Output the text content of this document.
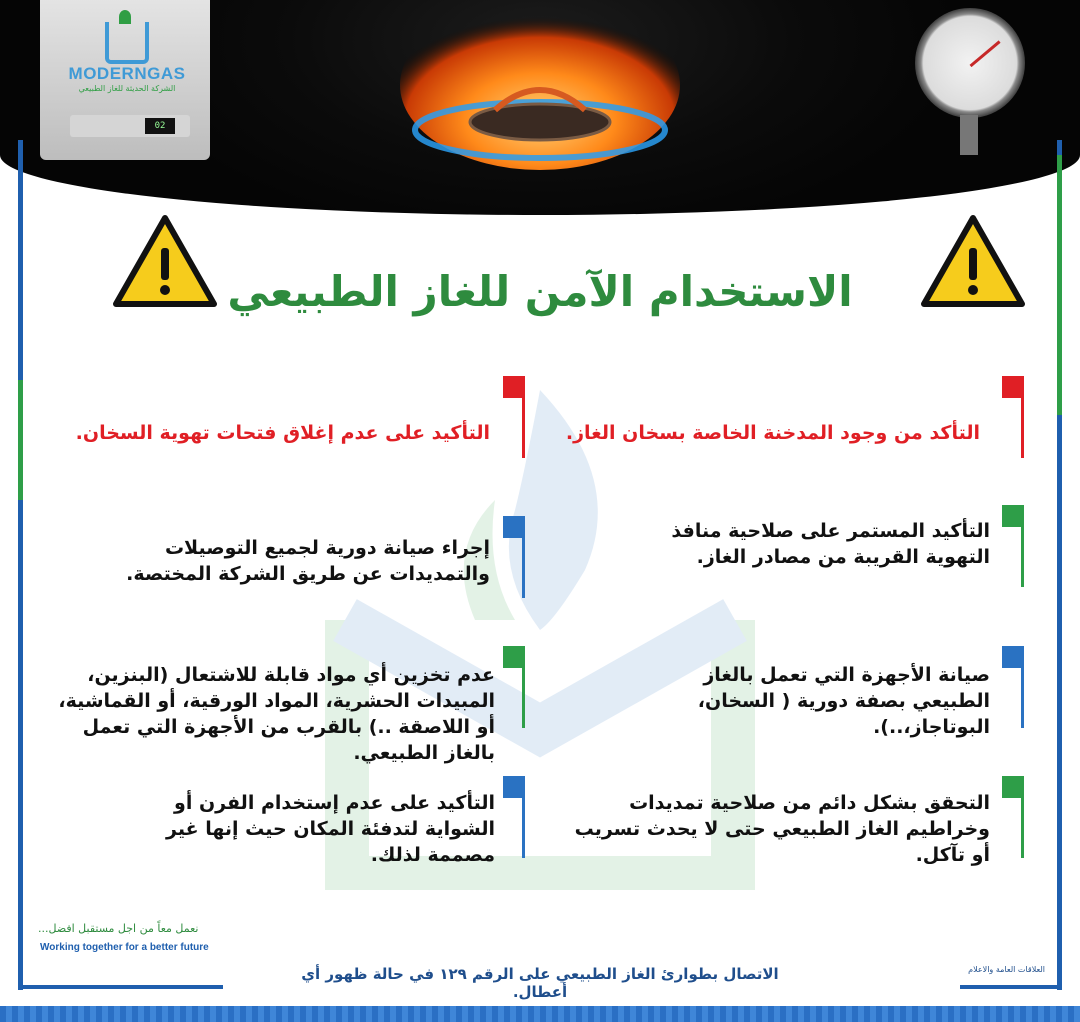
02
MODERNGAS
الشركة الحديثة للغاز الطبيعي
الاستخدام الآمن للغاز الطبيعي
التأكد من وجود المدخنة الخاصة بسخان الغاز.
التأكيد على عدم إغلاق فتحات تهوية السخان.
التأكيد المستمر على صلاحية منافذ التهوية القريبة من مصادر الغاز.
إجراء صيانة دورية لجميع التوصيلات والتمديدات عن طريق الشركة المختصة.
صيانة الأجهزة التي تعمل بالغاز الطبيعي بصفة دورية ( السخان، البوتاجاز،..).
عدم تخزين أي مواد قابلة للاشتعال (البنزين، المبيدات الحشرية، المواد الورقية، أو القماشية، أو اللاصقة ..) بالقرب من الأجهزة التي تعمل بالغاز الطبيعي.
التحقق بشكل دائم من صلاحية تمديدات وخراطيم الغاز الطبيعي حتى لا يحدث تسريب أو تآكل.
التأكيد على عدم إستخدام الفرن أو الشواية لتدفئة المكان حيث إنها غير مصممة لذلك.
نعمل معاً من اجل مستقبل افضل...
Working together for a better future
الاتصال بطوارئ الغاز الطبيعي على الرقم ١٢٩ في حالة ظهور أي أعطال.
العلاقات العامة والاعلام
